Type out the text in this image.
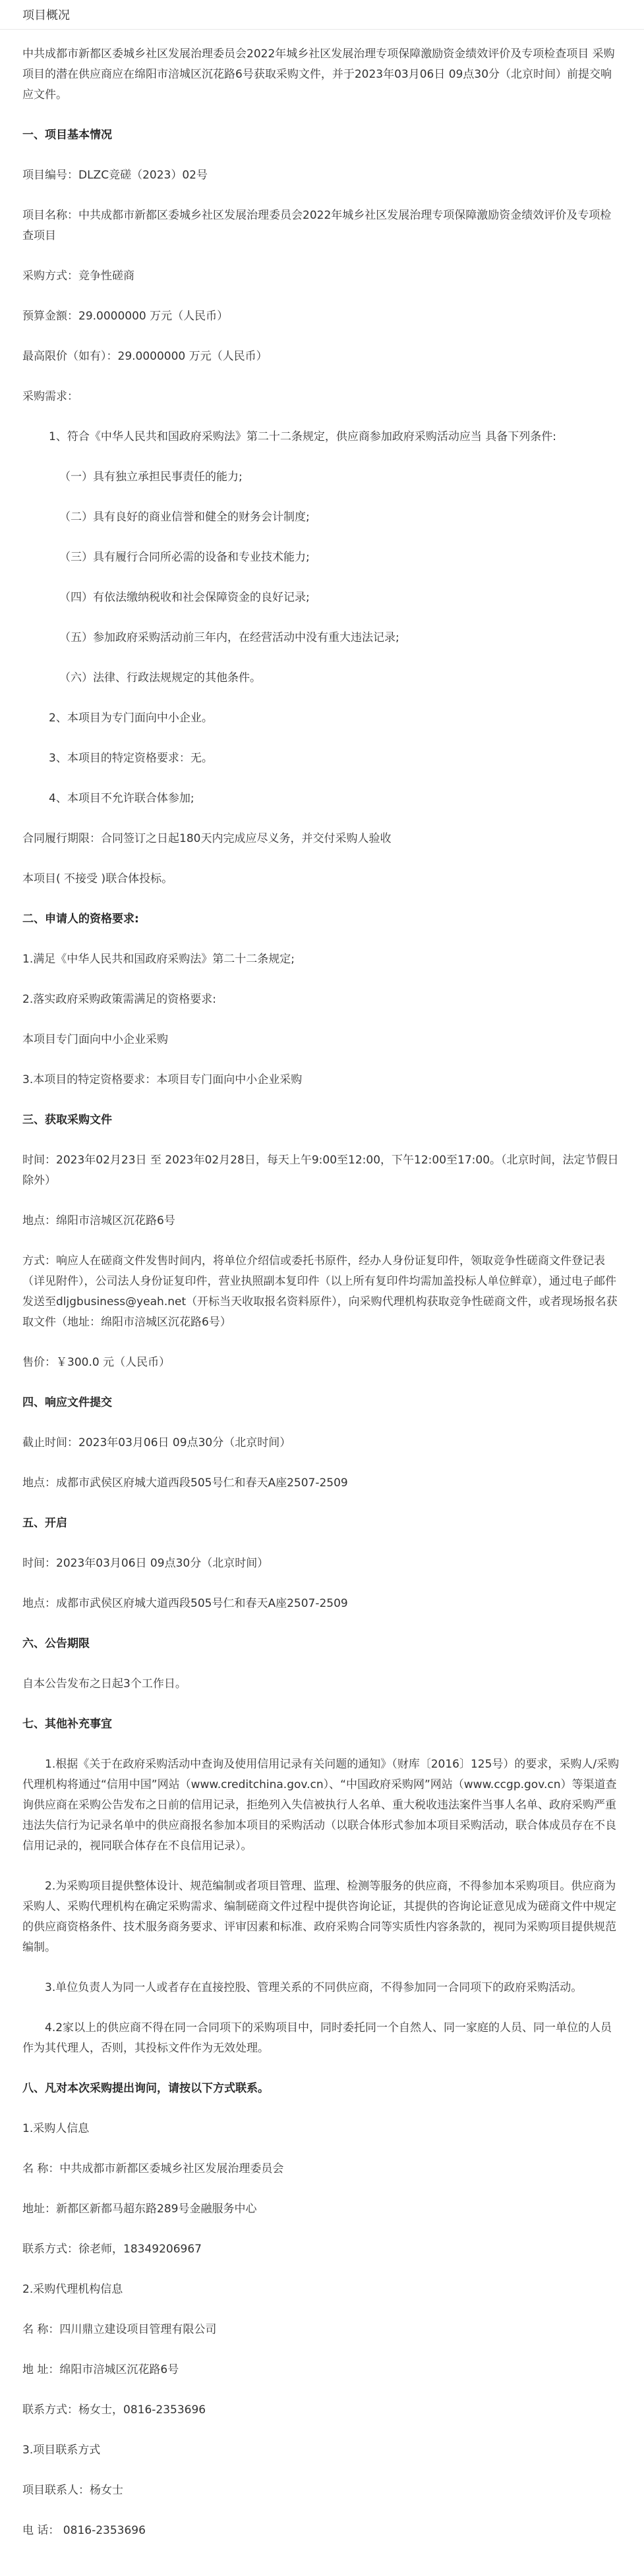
项目概况

中共成都市新都区委城乡社区发展治理委员会2022年城乡社区发展治理专项保障激励资金绩效评价及专项检查项目 采购项目的潜在供应商应在绵阳市涪城区沉花路6号获取采购文件，并于2023年03月06日 09点30分（北京时间）前提交响应文件。

一、项目基本情况

项目编号：DLZC竞磋（2023）02号

项目名称：中共成都市新都区委城乡社区发展治理委员会2022年城乡社区发展治理专项保障激励资金绩效评价及专项检查项目

采购方式：竞争性磋商

预算金额：29.0000000 万元（人民币）

最高限价（如有）：29.0000000 万元（人民币）

采购需求：

1、符合《中华人民共和国政府采购法》第二十二条规定，供应商参加政府采购活动应当 具备下列条件:

（一）具有独立承担民事责任的能力;

（二）具有良好的商业信誉和健全的财务会计制度;

（三）具有履行合同所必需的设备和专业技术能力;

（四）有依法缴纳税收和社会保障资金的良好记录;

（五）参加政府采购活动前三年内，在经营活动中没有重大违法记录;

（六）法律、行政法规规定的其他条件。

2、本项目为专门面向中小企业。

3、本项目的特定资格要求：无。

4、本项目不允许联合体参加;

合同履行期限：合同签订之日起180天内完成应尽义务，并交付采购人验收

本项目( 不接受 )联合体投标。

二、申请人的资格要求:

1.满足《中华人民共和国政府采购法》第二十二条规定;

2.落实政府采购政策需满足的资格要求:

本项目专门面向中小企业采购

3.本项目的特定资格要求：本项目专门面向中小企业采购

三、获取采购文件

时间：2023年02月23日 至 2023年02月28日，每天上午9:00至12:00，下午12:00至17:00。（北京时间，法定节假日除外）

地点：绵阳市涪城区沉花路6号

方式：响应人在磋商文件发售时间内，将单位介绍信或委托书原件，经办人身份证复印件，领取竞争性磋商文件登记表（详见附件），公司法人身份证复印件，营业执照副本复印件（以上所有复印件均需加盖投标人单位鲜章），通过电子邮件发送至dljgbusiness@yeah.net（开标当天收取报名资料原件），向采购代理机构获取竞争性磋商文件，或者现场报名获取文件（地址：绵阳市涪城区沉花路6号）

售价：￥300.0 元（人民币）

四、响应文件提交

截止时间：2023年03月06日 09点30分（北京时间）

地点：成都市武侯区府城大道西段505号仁和春天A座2507-2509

五、开启

时间：2023年03月06日 09点30分（北京时间）

地点：成都市武侯区府城大道西段505号仁和春天A座2507-2509

六、公告期限

自本公告发布之日起3个工作日。

七、其他补充事宜

1.根据《关于在政府采购活动中查询及使用信用记录有关问题的通知》（财库〔2016〕125号）的要求，采购人/采购代理机构将通过“信用中国”网站（www.creditchina.gov.cn）、“中国政府采购网”网站（www.ccgp.gov.cn）等渠道查询供应商在采购公告发布之日前的信用记录，拒绝列入失信被执行人名单、重大税收违法案件当事人名单、政府采购严重违法失信行为记录名单中的供应商报名参加本项目的采购活动（以联合体形式参加本项目采购活动，联合体成员存在不良信用记录的，视同联合体存在不良信用记录）。

2.为采购项目提供整体设计、规范编制或者项目管理、监理、检测等服务的供应商，不得参加本采购项目。供应商为采购人、采购代理机构在确定采购需求、编制磋商文件过程中提供咨询论证，其提供的咨询论证意见成为磋商文件中规定的供应商资格条件、技术服务商务要求、评审因素和标准、政府采购合同等实质性内容条款的，视同为采购项目提供规范编制。

3.单位负责人为同一人或者存在直接控股、管理关系的不同供应商，不得参加同一合同项下的政府采购活动。

4.2家以上的供应商不得在同一合同项下的采购项目中，同时委托同一个自然人、同一家庭的人员、同一单位的人员作为其代理人，否则，其投标文件作为无效处理。

八、凡对本次采购提出询问，请按以下方式联系。

1.采购人信息

名 称：中共成都市新都区委城乡社区发展治理委员会

地址：新都区新都马超东路289号金融服务中心

联系方式：徐老师，18349206967

2.采购代理机构信息

名 称：四川鼎立建设项目管理有限公司

地 址：绵阳市涪城区沉花路6号

联系方式：杨女士，0816-2353696

3.项目联系方式

项目联系人：杨女士

电 话： 0816-2353696
